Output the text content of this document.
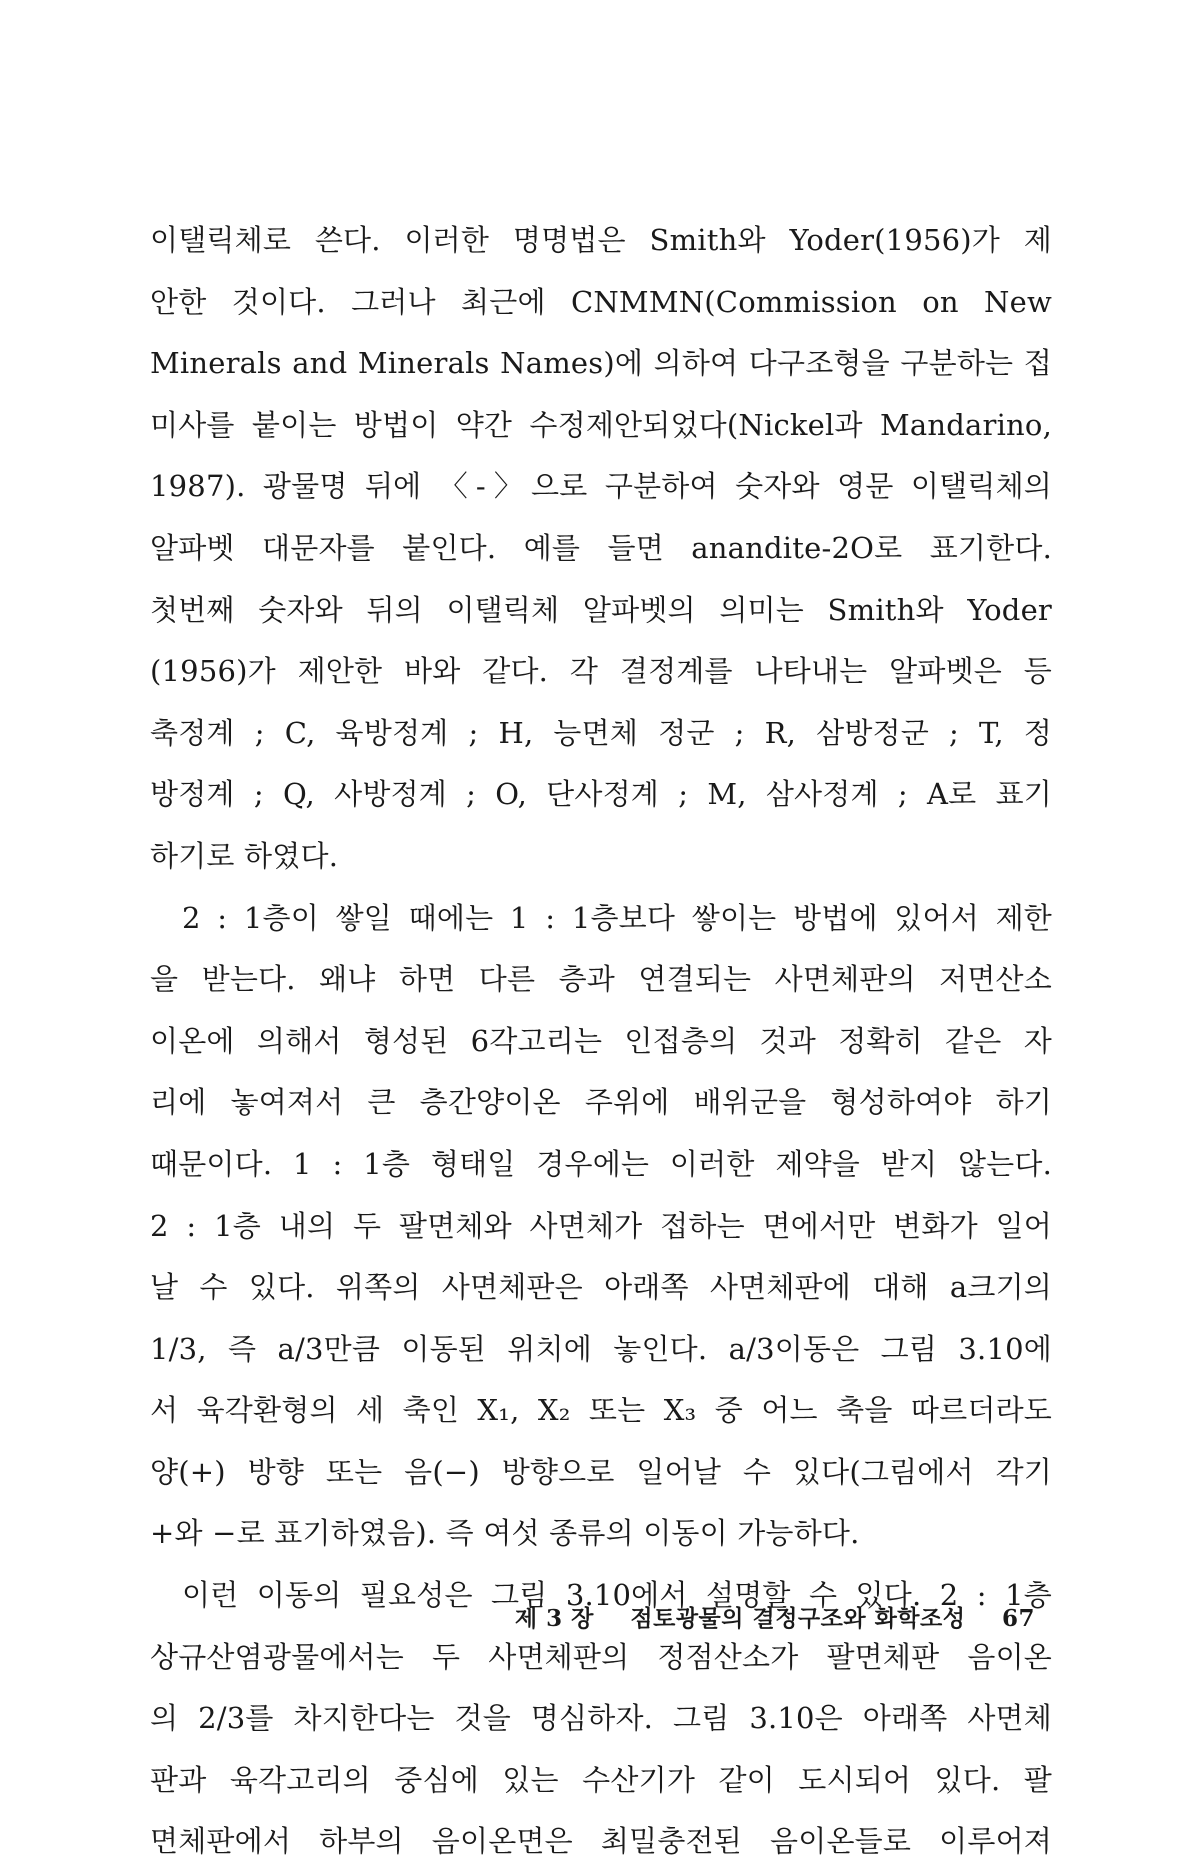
이탤릭체로 쓴다. 이러한 명명법은 Smith와 Yoder(1956)가 제
안한 것이다. 그러나 최근에 CNMMN(Commission on New
Minerals and Minerals Names)에 의하여 다구조형을 구분하는 접
미사를 붙이는 방법이 약간 수정제안되었다(Nickel과 Mandarino,
1987). 광물명 뒤에 〈-〉으로 구분하여 숫자와 영문 이탤릭체의
알파벳 대문자를 붙인다. 예를 들면 anandite-2O로 표기한다.
첫번째 숫자와 뒤의 이탤릭체 알파벳의 의미는 Smith와 Yoder
(1956)가 제안한 바와 같다. 각 결정계를 나타내는 알파벳은 등
축정계 ; C, 육방정계 ; H, 능면체 정군 ; R, 삼방정군 ; T, 정
방정계 ; Q, 사방정계 ; O, 단사정계 ; M, 삼사정계 ; A로 표기
하기로 하였다.
2 : 1층이 쌓일 때에는 1 : 1층보다 쌓이는 방법에 있어서 제한
을 받는다. 왜냐 하면 다른 층과 연결되는 사면체판의 저면산소
이온에 의해서 형성된 6각고리는 인접층의 것과 정확히 같은 자
리에 놓여져서 큰 층간양이온 주위에 배위군을 형성하여야 하기
때문이다. 1 : 1층 형태일 경우에는 이러한 제약을 받지 않는다.
2 : 1층 내의 두 팔면체와 사면체가 접하는 면에서만 변화가 일어
날 수 있다. 위쪽의 사면체판은 아래쪽 사면체판에 대해 a크기의
1/3, 즉 a/3만큼 이동된 위치에 놓인다. a/3이동은 그림 3.10에
서 육각환형의 세 축인 X₁, X₂ 또는 X₃ 중 어느 축을 따르더라도
양(+) 방향 또는 음(−) 방향으로 일어날 수 있다(그림에서 각기
+와 −로 표기하였음). 즉 여섯 종류의 이동이 가능하다.
이런 이동의 필요성은 그림 3.10에서 설명할 수 있다. 2 : 1층
상규산염광물에서는 두 사면체판의 정점산소가 팔면체판 음이온
의 2/3를 차지한다는 것을 명심하자. 그림 3.10은 아래쪽 사면체
판과 육각고리의 중심에 있는 수산기가 같이 도시되어 있다. 팔
면체판에서 하부의 음이온면은 최밀충전된 음이온들로 이루어져
제 3 장 점토광물의 결정구조와 화학조성 67
